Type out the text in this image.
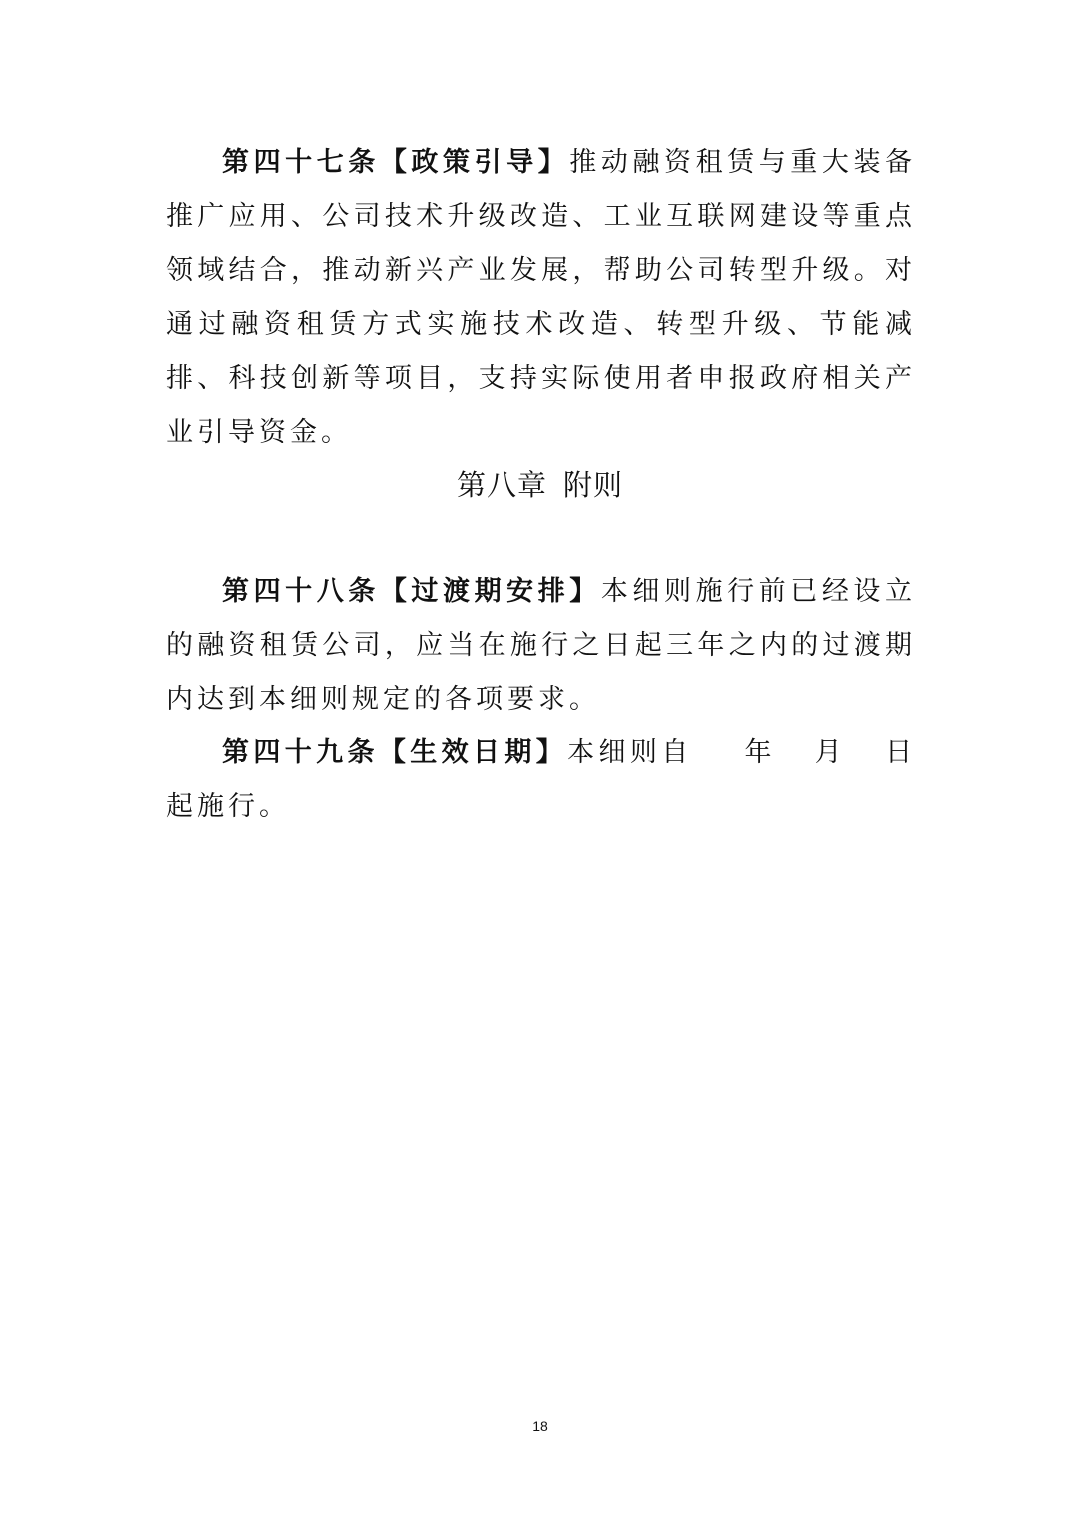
第四十七条【政策引导】推动融资租赁与重大装备推广应用、公司技术升级改造、工业互联网建设等重点领域结合，推动新兴产业发展，帮助公司转型升级。对通过融资租赁方式实施技术改造、转型升级、节能减排、科技创新等项目，支持实际使用者申报政府相关产业引导资金。

第八章 附则

第四十八条【过渡期安排】本细则施行前已经设立的融资租赁公司，应当在施行之日起三年之内的过渡期内达到本细则规定的各项要求。

第四十九条【生效日期】本细则自 年 月 日起施行。

18
